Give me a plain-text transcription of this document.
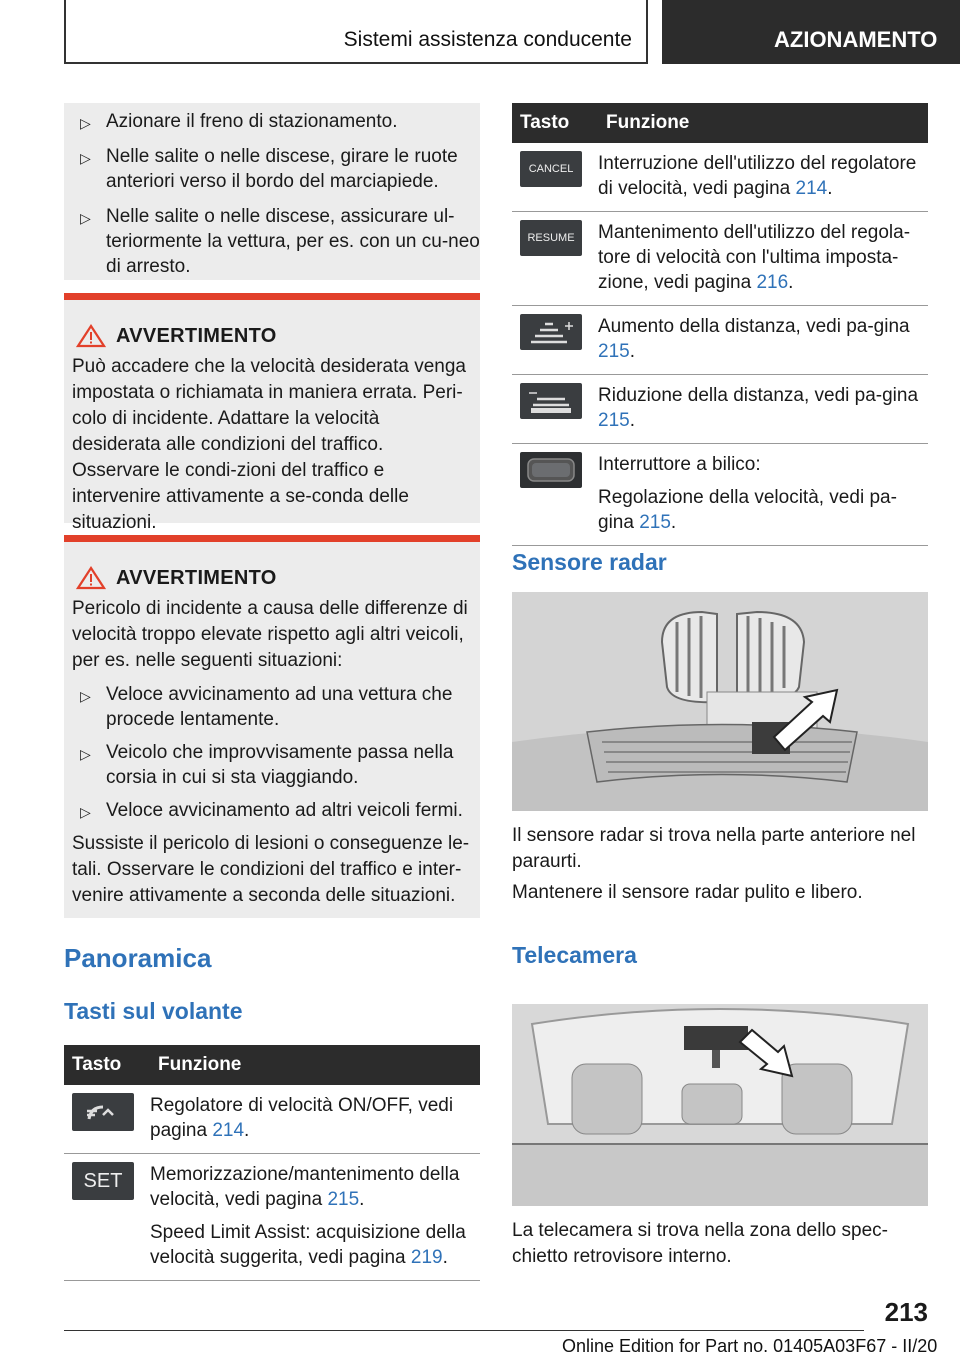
Sistemi assistenza conducente	AZIONAMENTO
▷ Azionare il freno di stazionamento.
▷ Nelle salite o nelle discese, girare le ruote anteriori verso il bordo del marciapiede.
▷ Nelle salite o nelle discese, assicurare ul-teriormente la vettura, per es. con un cu-neo di arresto.
AVVERTIMENTO
Può accadere che la velocità desiderata venga impostata o richiamata in maniera errata. Peri-colo di incidente. Adattare la velocità desiderata alle condizioni del traffico. Osservare le condi-zioni del traffico e intervenire attivamente a se-conda delle situazioni.
AVVERTIMENTO
Pericolo di incidente a causa delle differenze di velocità troppo elevate rispetto agli altri veicoli, per es. nelle seguenti situazioni:
▷ Veloce avvicinamento ad una vettura che procede lentamente.
▷ Veicolo che improvvisamente passa nella corsia in cui si sta viaggiando.
▷ Veloce avvicinamento ad altri veicoli fermi.
Sussiste il pericolo di lesioni o conseguenze le-tali. Osservare le condizioni del traffico e inter-venire attivamente a seconda delle situazioni.
Panoramica
Tasti sul volante
Tasto	Funzione

	Regolatore di velocità ON/OFF, vedi pagina 214.

SET	Memorizzazione/mantenimento della velocità, vedi pagina 215.
Speed Limit Assist: acquisizione della velocità suggerita, vedi pagina 219.
Tasto	Funzione

CANCEL	Interruzione dell'utilizzo del regolatore di velocità, vedi pagina 214.

RESUME	Mantenimento dell'utilizzo del regola-tore di velocità con l'ultima imposta-zione, vedi pagina 216.

	Aumento della distanza, vedi pa-gina 215.

	Riduzione della distanza, vedi pa-gina 215.

	Interruttore a bilico:
Regolazione della velocità, vedi pa-gina 215.
Sensore radar
Il sensore radar si trova nella parte anteriore nel paraurti.
Mantenere il sensore radar pulito e libero.
Telecamera
La telecamera si trova nella zona dello spec-chietto retrovisore interno.
213
Online Edition for Part no. 01405A03F67 - II/20
